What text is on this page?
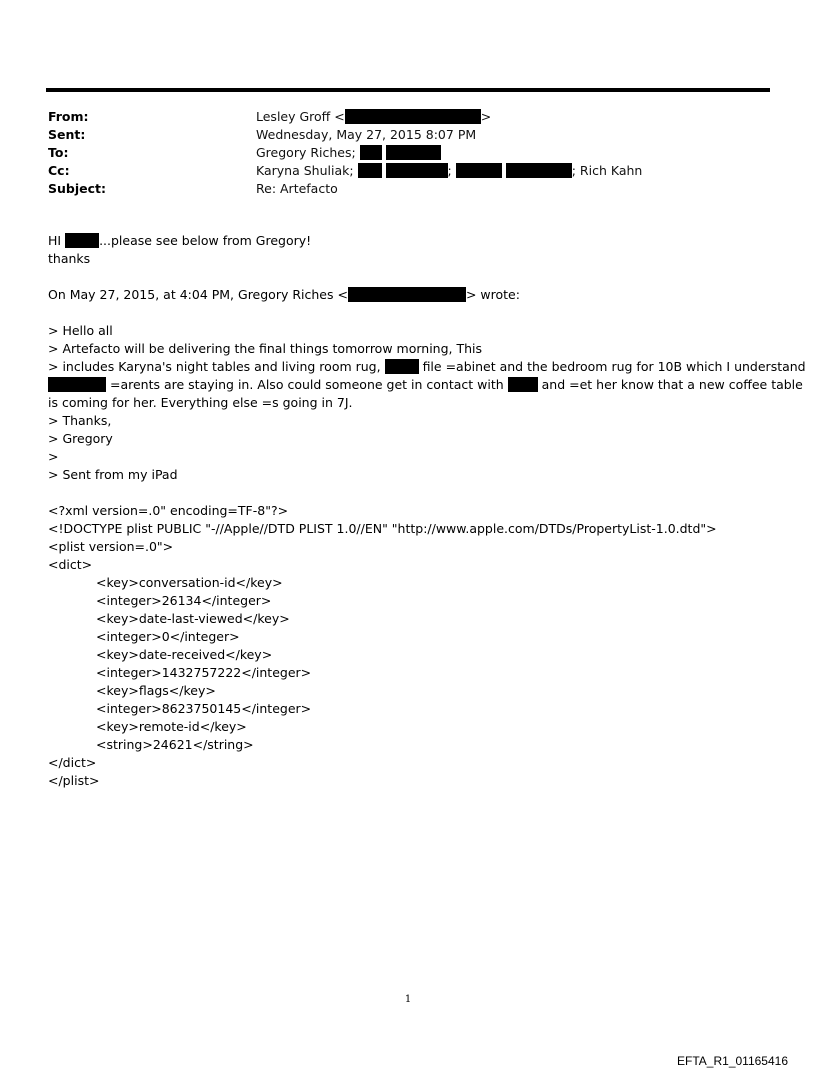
From:	Lesley Groff <	>
Sent:	Wednesday, May 27, 2015 8:07 PM
To:	Gregory Riches;
Cc:	Karyna Shuliak;	;	; Rich Kahn
Subject:	Re: Artefacto
HI	...please see below from Gregory!
thanks
On May 27, 2015, at 4:04 PM, Gregory Riches <	> wrote:
> Hello all
> Artefacto will be delivering the final things tomorrow morning, This
> includes Karyna's night tables and living room rug,	file =abinet and the bedroom rug for 10B which I understand
=arents are staying in. Also could someone get in contact with	and =et her know that a new coffee table
is coming for her. Everything else =s going in 7J.
> Thanks,
> Gregory
>
> Sent from my iPad
<?xml version=.0" encoding=TF-8"?>
<!DOCTYPE plist PUBLIC "-//Apple//DTD PLIST 1.0//EN" "http://www.apple.com/DTDs/PropertyList-1.0.dtd">
<plist version=.0">
<dict>
<key>conversation-id</key>
<integer>26134</integer>
<key>date-last-viewed</key>
<integer>0</integer>
<key>date-received</key>
<integer>1432757222</integer>
<key>flags</key>
<integer>8623750145</integer>
<key>remote-id</key>
<string>24621</string>
</dict>
</plist>
1
EFTA_R1_01165416
